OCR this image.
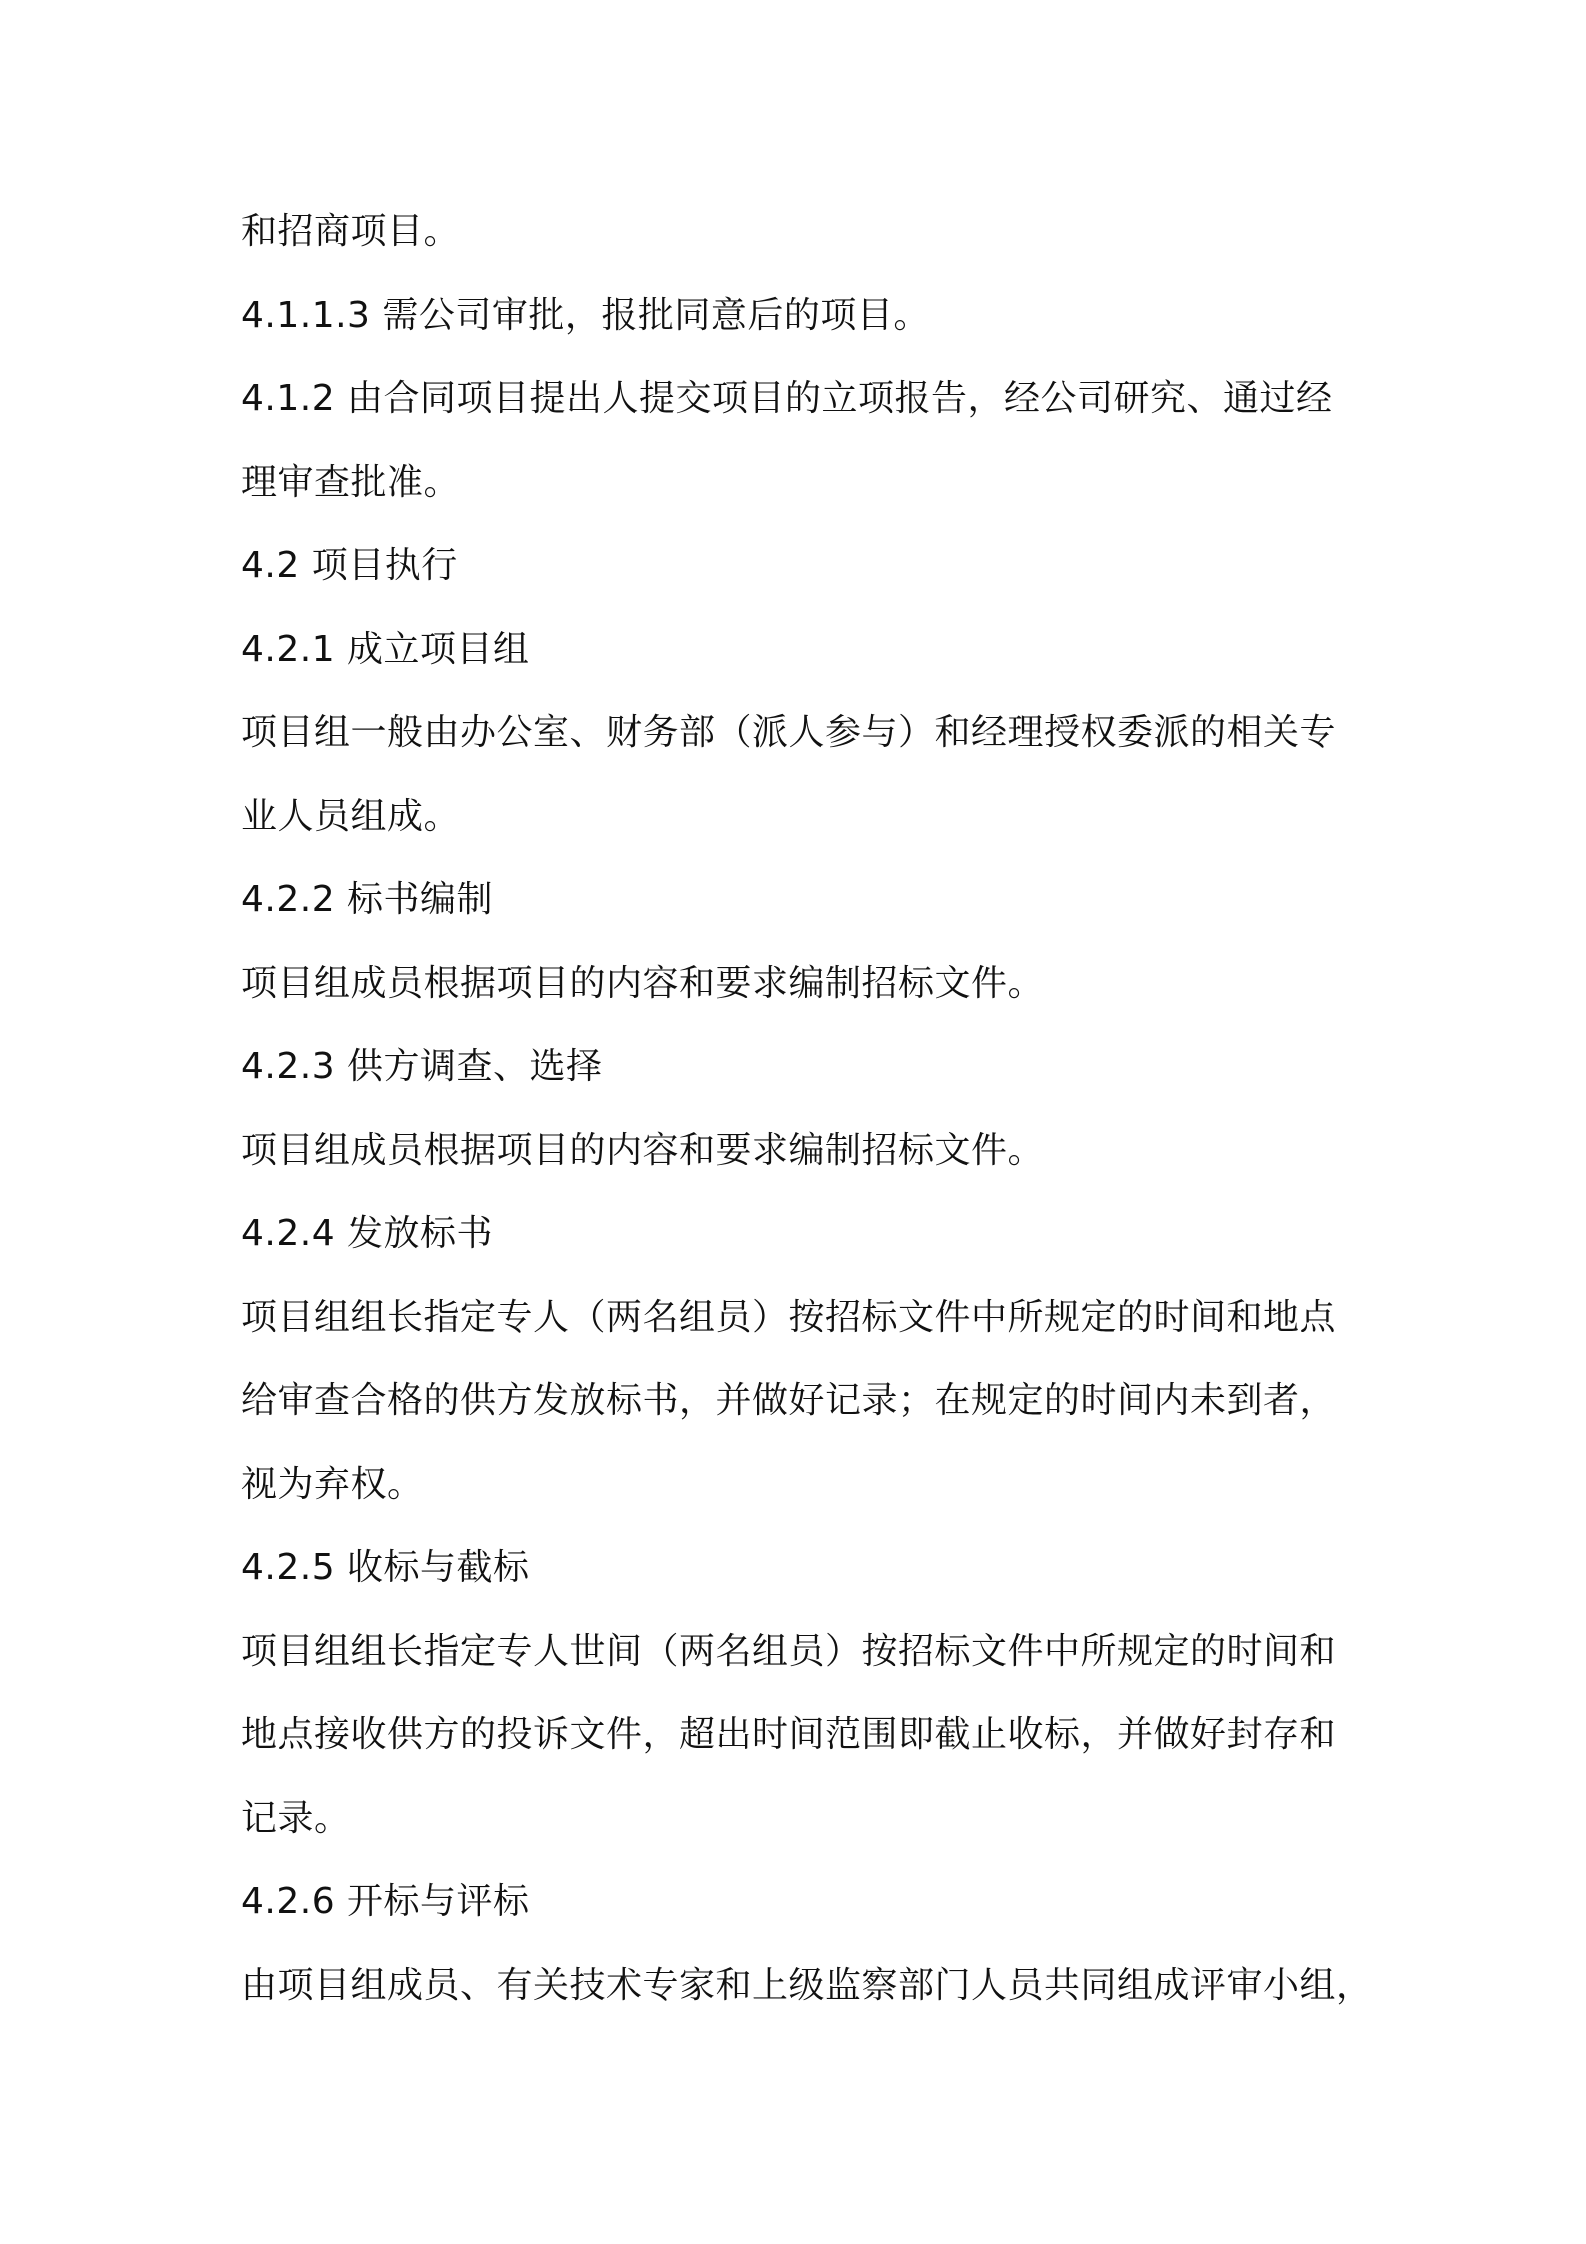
和招商项目。
4.1.1.3 需公司审批，报批同意后的项目。
4.1.2 由合同项目提出人提交项目的立项报告，经公司研究、通过经
理审查批准。
4.2 项目执行
4.2.1 成立项目组
项目组一般由办公室、财务部（派人参与）和经理授权委派的相关专
业人员组成。
4.2.2 标书编制
项目组成员根据项目的内容和要求编制招标文件。
4.2.3 供方调查、选择
项目组成员根据项目的内容和要求编制招标文件。
4.2.4 发放标书
项目组组长指定专人（两名组员）按招标文件中所规定的时间和地点
给审查合格的供方发放标书，并做好记录；在规定的时间内未到者，
视为弃权。
4.2.5 收标与截标
项目组组长指定专人世间（两名组员）按招标文件中所规定的时间和
地点接收供方的投诉文件，超出时间范围即截止收标，并做好封存和
记录。
4.2.6 开标与评标
由项目组成员、有关技术专家和上级监察部门人员共同组成评审小组，
